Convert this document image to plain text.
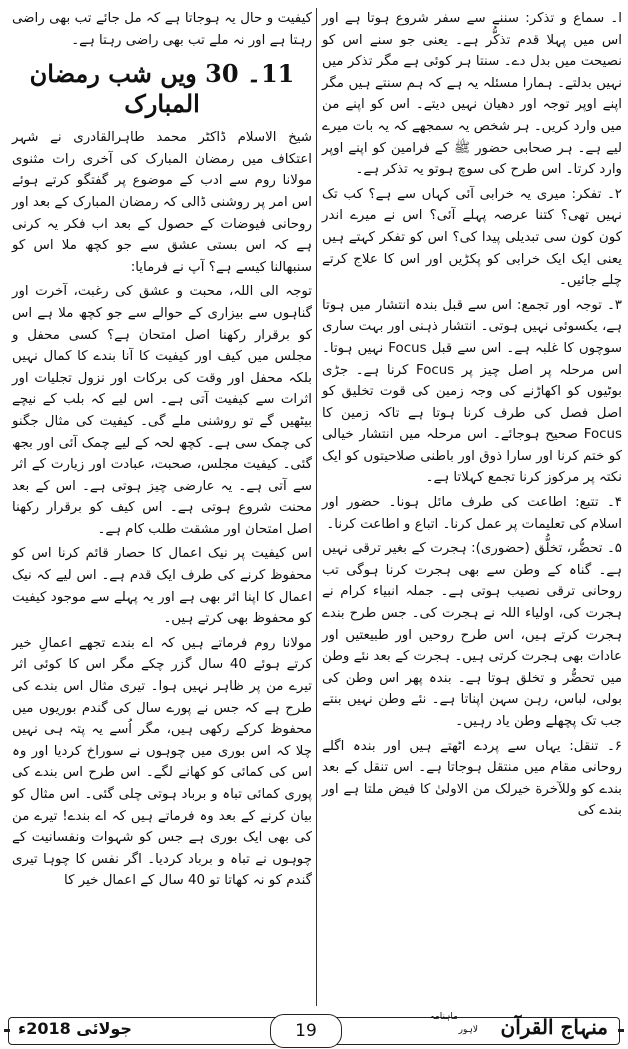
ا۔ سماع و تذکر: سننے سے سفر شروع ہوتا ہے اور اس میں پہلا قدم تذکُّر ہے۔ یعنی جو سنے اس کو نصیحت میں بدل دے۔ سنتا ہر کوئی ہے مگر تذکر میں نہیں بدلتے۔ ہمارا مسئلہ یہ ہے کہ ہم سنتے ہیں مگر اپنے اوپر توجہ اور دھیان نہیں دیتے۔ اس کو اپنے من میں وارد کریں۔ ہر شخص یہ سمجھے کہ یہ بات میرے لیے ہے۔ ہر صحابی حضور ﷺ کے فرامین کو اپنے اوپر وارد کرتا۔ اس طرح کی سوچ ہوتو یہ تذکر ہے۔

۲۔ تفکر: میری یہ خرابی آئی کہاں سے ہے؟ کب تک نہیں تھی؟ کتنا عرصہ پہلے آئی؟ اس نے میرے اندر کون کون سی تبدیلی پیدا کی؟ اس کو تفکر کہتے ہیں یعنی ایک ایک خرابی کو پکڑیں اور اس کا علاج کرتے چلے جائیں۔

۳۔ توجہ اور تجمع: اس سے قبل بندہ انتشار میں ہوتا ہے، یکسوئی نہیں ہوتی۔ انتشار ذہنی اور بہت ساری سوچوں کا غلبہ ہے۔ اس سے قبل Focus نہیں ہوتا۔ اس مرحلہ پر اصل چیز پر Focus کرنا ہے۔ جڑی بوٹیوں کو اکھاڑنے کی وجہ زمین کی قوت تخلیق کو اصل فصل کی طرف کرنا ہوتا ہے تاکہ زمین کا Focus صحیح ہوجائے۔ اس مرحلہ میں انتشار خیالی کو ختم کرنا اور سارا ذوق اور باطنی صلاحیتوں کو ایک نکتہ پر مرکوز کرنا تجمع کہلاتا ہے۔

۴۔ تتبع: اطاعت کی طرف مائل ہونا۔ حضور اور اسلام کی تعلیمات پر عمل کرنا۔ اتباع و اطاعت کرنا۔

۵۔ تحضُّر، تخلُّق (حضوری): ہجرت کے بغیر ترقی نہیں ہے۔ گناہ کے وطن سے بھی ہجرت کرنا ہوگی تب روحانی ترقی نصیب ہوتی ہے۔ جملہ انبیاء کرام نے ہجرت کی، اولیاء اللہ نے ہجرت کی۔ جس طرح بندے ہجرت کرتے ہیں، اس طرح روحیں اور طبیعتیں اور عادات بھی ہجرت کرتی ہیں۔ ہجرت کے بعد نئے وطن میں تحضُّر و تخلق ہوتا ہے۔ بندہ پھر اس وطن کی بولی، لباس، رہن سہن اپناتا ہے۔ نئے وطن نہیں بنتے جب تک پچھلے وطن یاد رہیں۔

۶۔ تنقل: یہاں سے پردے اٹھتے ہیں اور بندہ اگلے روحانی مقام میں منتقل ہوجاتا ہے۔ اس تنقل کے بعد بندے کو وللآخرة خیرلک من الاولیٰ کا فیض ملتا ہے اور بندے کی

کیفیت و حال یہ ہوجاتا ہے کہ مل جائے تب بھی راضی رہتا ہے اور نہ ملے تب بھی راضی رہتا ہے۔

11۔ 30 ویں شب رمضان المبارک

شیخ الاسلام ڈاکٹر محمد طاہرالقادری نے شہر اعتکاف میں رمضان المبارک کی آخری رات مثنوی مولانا روم سے ادب کے موضوع پر گفتگو کرتے ہوئے اس امر پر روشنی ڈالی کہ رمضان المبارک کے بعد اور روحانی فیوضات کے حصول کے بعد اب فکر یہ کرنی ہے کہ اس بستی عشق سے جو کچھ ملا اس کو سنبھالنا کیسے ہے؟ آپ نے فرمایا:

توجہ الی اللہ، محبت و عشق کی رغبت، آخرت اور گناہوں سے بیزاری کے حوالے سے جو کچھ ملا ہے اس کو برقرار رکھنا اصل امتحان ہے؟ کسی محفل و مجلس میں کیف اور کیفیت کا آنا بندے کا کمال نہیں بلکہ محفل اور وقت کی برکات اور نزول تجلیات اور اثرات سے کیفیت آتی ہے۔ اس لیے کہ بلب کے نیچے بیٹھیں گے تو روشنی ملے گی۔ کیفیت کی مثال جگنو کی چمک سی ہے۔ کچھ لحہ کے لیے چمک آئی اور بجھ گئی۔ کیفیت مجلس، صحبت، عبادت اور زیارت کے اثر سے آتی ہے۔ یہ عارضی چیز ہوتی ہے۔ اس کے بعد محنت شروع ہوتی ہے۔ اس کیف کو برقرار رکھنا اصل امتحان اور مشقت طلب کام ہے۔

اس کیفیت پر نیک اعمال کا حصار قائم کرنا اس کو محفوظ کرنے کی طرف ایک قدم ہے۔ اس لیے کہ نیک اعمال کا اپنا اثر بھی ہے اور یہ پہلے سے موجود کیفیت کو محفوظ بھی کرتے ہیں۔

مولانا روم فرماتے ہیں کہ اے بندے تجھے اعمالِ خیر کرتے ہوئے 40 سال گزر چکے مگر اس کا کوئی اثر تیرے من پر ظاہر نہیں ہوا۔ تیری مثال اس بندے کی طرح ہے کہ جس نے پورے سال کی گندم بوریوں میں محفوظ کرکے رکھی ہیں، مگر اُسے یہ پتہ ہی نہیں چلا کہ اس بوری میں چوہوں نے سوراخ کردیا اور وہ اس کی کمائی کو کھانے لگے۔ اس طرح اس بندے کی پوری کمائی تباہ و برباد ہوتی چلی گئی۔ اس مثال کو بیان کرنے کے بعد وہ فرماتے ہیں کہ اے بندے! تیرے من کی بھی ایک بوری ہے جس کو شہوات ونفسانیت کے چوہوں نے تباہ و برباد کردیا۔ اگر نفس کا چوہا تیری گندم کو نہ کھاتا تو 40 سال کے اعمال خیر کا

جولائی 2018ء	19
ماہنامہ
لاہور منہاج القرآن
